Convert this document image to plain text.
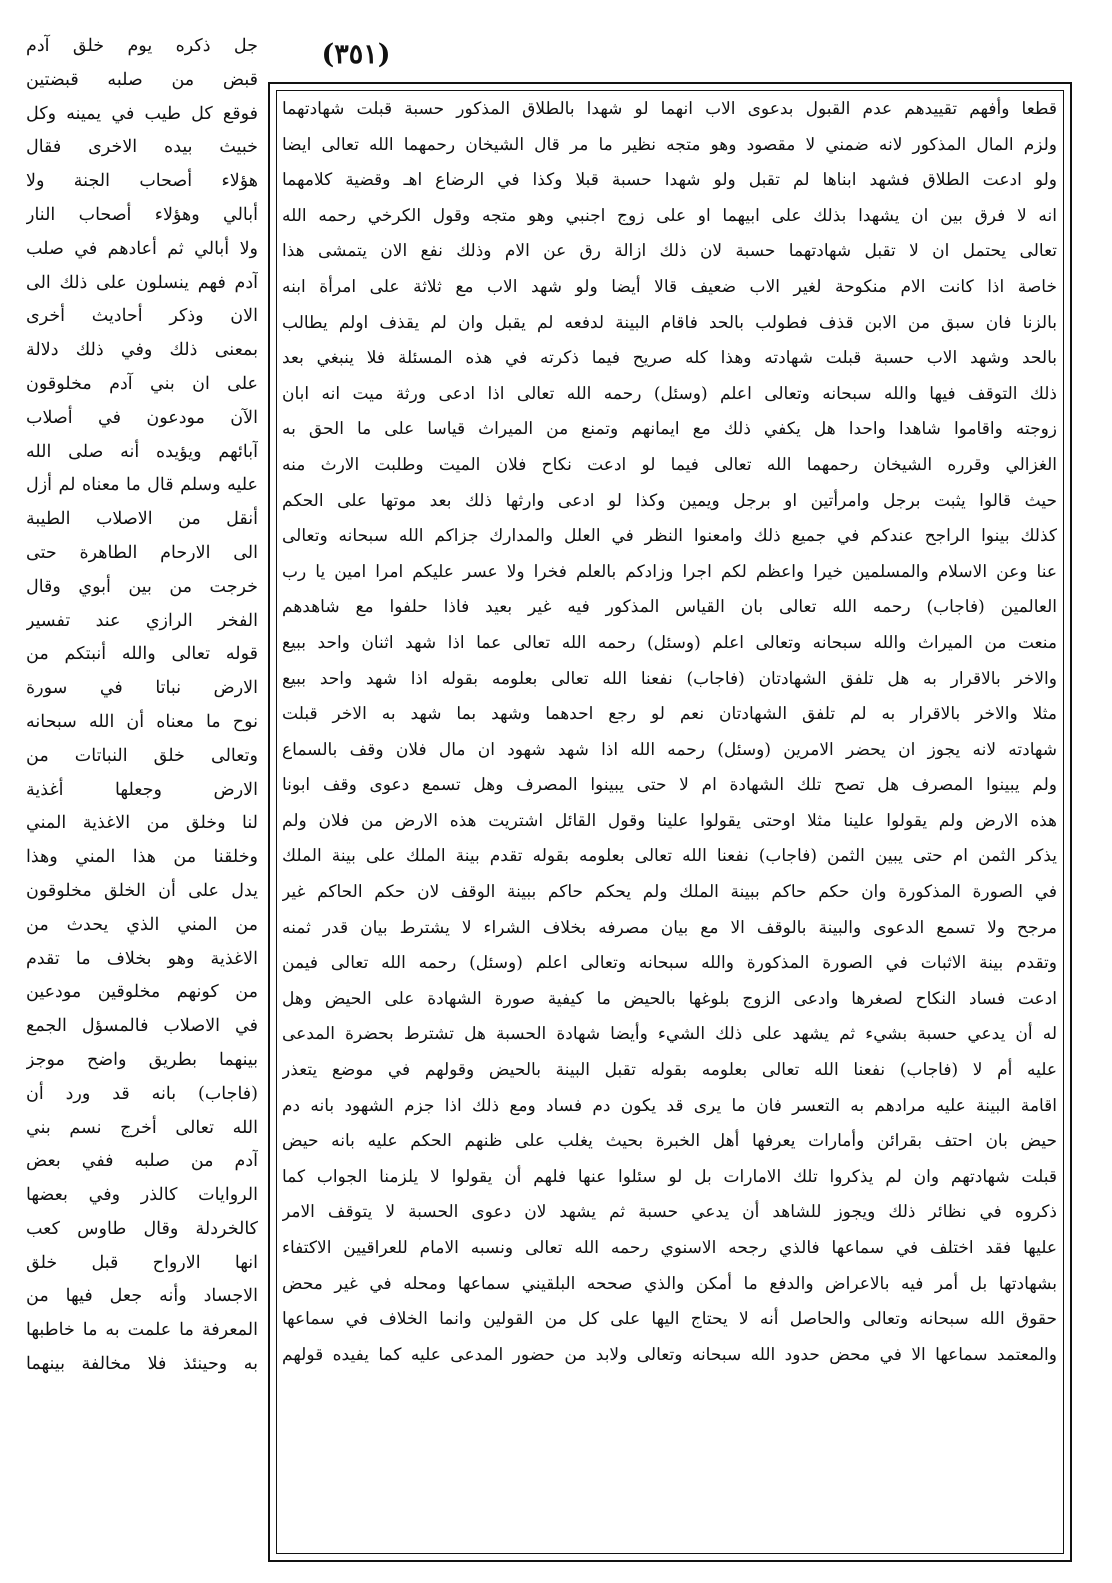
(٣٥١)
جل ذكره يوم خلق آدم
قبض من صلبه قبضتين
فوقع كل طيب في يمينه وكل
خبيث بيده الاخرى فقال
هؤلاء أصحاب الجنة ولا
أبالي وهؤلاء أصحاب النار
ولا أبالي ثم أعادهم في صلب
آدم فهم ينسلون على ذلك الى
الان وذكر أحاديث أخرى
بمعنى ذلك وفي ذلك دلالة
على ان بني آدم مخلوقون
الآن مودعون في أصلاب
آبائهم ويؤيده أنه صلى الله
عليه وسلم قال ما معناه لم أزل
أنقل من الاصلاب الطيبة
الى الارحام الطاهرة حتى
خرجت من بين أبوي وقال
الفخر الرازي عند تفسير
قوله تعالى والله أنبتكم من
الارض نباتا في سورة
نوح ما معناه أن الله سبحانه
وتعالى خلق النباتات من
الارض وجعلها أغذية
لنا وخلق من الاغذية المني
وخلقنا من هذا المني وهذا
يدل على أن الخلق مخلوقون
من المني الذي يحدث من
الاغذية وهو بخلاف ما تقدم
من كونهم مخلوقين مودعين
في الاصلاب فالمسؤل الجمع
بينهما بطريق واضح موجز
(فاجاب) بانه قد ورد أن
الله تعالى أخرج نسم بني
آدم من صلبه ففي بعض
الروايات كالذر وفي بعضها
كالخردلة وقال طاوس كعب
انها الارواح قبل خلق
الاجساد وأنه جعل فيها من
المعرفة ما علمت به ما خاطبها
به وحينئذ فلا مخالفة بينهما
قطعا وأفهم تقييدهم عدم القبول بدعوى الاب انهما لو شهدا بالطلاق المذكور حسبة قبلت شهادتهما
ولزم المال المذكور لانه ضمني لا مقصود وهو متجه نظير ما مر قال الشيخان رحمهما الله تعالى ايضا
ولو ادعت الطلاق فشهد ابناها لم تقبل ولو شهدا حسبة قبلا وكذا في الرضاع اهـ وقضية كلامهما
انه لا فرق بين ان يشهدا بذلك على ابيهما او على زوج اجنبي وهو متجه وقول الكرخي رحمه الله
تعالى يحتمل ان لا تقبل شهادتهما حسبة لان ذلك ازالة رق عن الام وذلك نفع الان يتمشى هذا
خاصة اذا كانت الام منكوحة لغير الاب ضعيف قالا أيضا ولو شهد الاب مع ثلاثة على امرأة ابنه
بالزنا فان سبق من الابن قذف فطولب بالحد فاقام البينة لدفعه لم يقبل وان لم يقذف اولم يطالب
بالحد وشهد الاب حسبة قبلت شهادته وهذا كله صريح فيما ذكرته في هذه المسئلة فلا ينبغي بعد
ذلك التوقف فيها والله سبحانه وتعالى اعلم (وسئل) رحمه الله تعالى اذا ادعى ورثة ميت انه ابان
زوجته واقاموا شاهدا واحدا هل يكفي ذلك مع ايمانهم وتمنع من الميراث قياسا على ما الحق به
الغزالي وقرره الشيخان رحمهما الله تعالى فيما لو ادعت نكاح فلان الميت وطلبت الارث منه
حيث قالوا يثبت برجل وامرأتين او برجل ويمين وكذا لو ادعى وارثها ذلك بعد موتها على الحكم
كذلك بينوا الراجح عندكم في جميع ذلك وامعنوا النظر في العلل والمدارك جزاكم الله سبحانه وتعالى
عنا وعن الاسلام والمسلمين خيرا واعظم لكم اجرا وزادكم بالعلم فخرا ولا عسر عليكم امرا امين يا رب
العالمين (فاجاب) رحمه الله تعالى بان القياس المذكور فيه غير بعيد فاذا حلفوا مع شاهدهم
منعت من الميراث والله سبحانه وتعالى اعلم (وسئل) رحمه الله تعالى عما اذا شهد اثنان واحد ببيع
والاخر بالاقرار به هل تلفق الشهادتان (فاجاب) نفعنا الله تعالى بعلومه بقوله اذا شهد واحد ببيع
مثلا والاخر بالاقرار به لم تلفق الشهادتان نعم لو رجع احدهما وشهد بما شهد به الاخر قبلت
شهادته لانه يجوز ان يحضر الامرين (وسئل) رحمه الله اذا شهد شهود ان مال فلان وقف بالسماع
ولم يبينوا المصرف هل تصح تلك الشهادة ام لا حتى يبينوا المصرف وهل تسمع دعوى وقف ابونا
هذه الارض ولم يقولوا علينا مثلا اوحتى يقولوا علينا وقول القائل اشتريت هذه الارض من فلان ولم
يذكر الثمن ام حتى يبين الثمن (فاجاب) نفعنا الله تعالى بعلومه بقوله تقدم بينة الملك على بينة الملك
في الصورة المذكورة وان حكم حاكم ببينة الملك ولم يحكم حاكم ببينة الوقف لان حكم الحاكم غير
مرجح ولا تسمع الدعوى والبينة بالوقف الا مع بيان مصرفه بخلاف الشراء لا يشترط بيان قدر ثمنه
وتقدم بينة الاثبات في الصورة المذكورة والله سبحانه وتعالى اعلم (وسئل) رحمه الله تعالى فيمن
ادعت فساد النكاح لصغرها وادعى الزوج بلوغها بالحيض ما كيفية صورة الشهادة على الحيض وهل
له أن يدعي حسبة بشيء ثم يشهد على ذلك الشيء وأيضا شهادة الحسبة هل تشترط بحضرة المدعى
عليه أم لا (فاجاب) نفعنا الله تعالى بعلومه بقوله تقبل البينة بالحيض وقولهم في موضع يتعذر
اقامة البينة عليه مرادهم به التعسر فان ما يرى قد يكون دم فساد ومع ذلك اذا جزم الشهود بانه دم
حيض بان احتف بقرائن وأمارات يعرفها أهل الخبرة بحيث يغلب على ظنهم الحكم عليه بانه حيض
قبلت شهادتهم وان لم يذكروا تلك الامارات بل لو سئلوا عنها فلهم أن يقولوا لا يلزمنا الجواب كما
ذكروه في نظائر ذلك ويجوز للشاهد أن يدعي حسبة ثم يشهد لان دعوى الحسبة لا يتوقف الامر
عليها فقد اختلف في سماعها فالذي رجحه الاسنوي رحمه الله تعالى ونسبه الامام للعراقيين الاكتفاء
بشهادتها بل أمر فيه بالاعراض والدفع ما أمكن والذي صححه البلقيني سماعها ومحله في غير محض
حقوق الله سبحانه وتعالى والحاصل أنه لا يحتاج اليها على كل من القولين وانما الخلاف في سماعها
والمعتمد سماعها الا في محض حدود الله سبحانه وتعالى ولابد من حضور المدعى عليه كما يفيده قولهم
